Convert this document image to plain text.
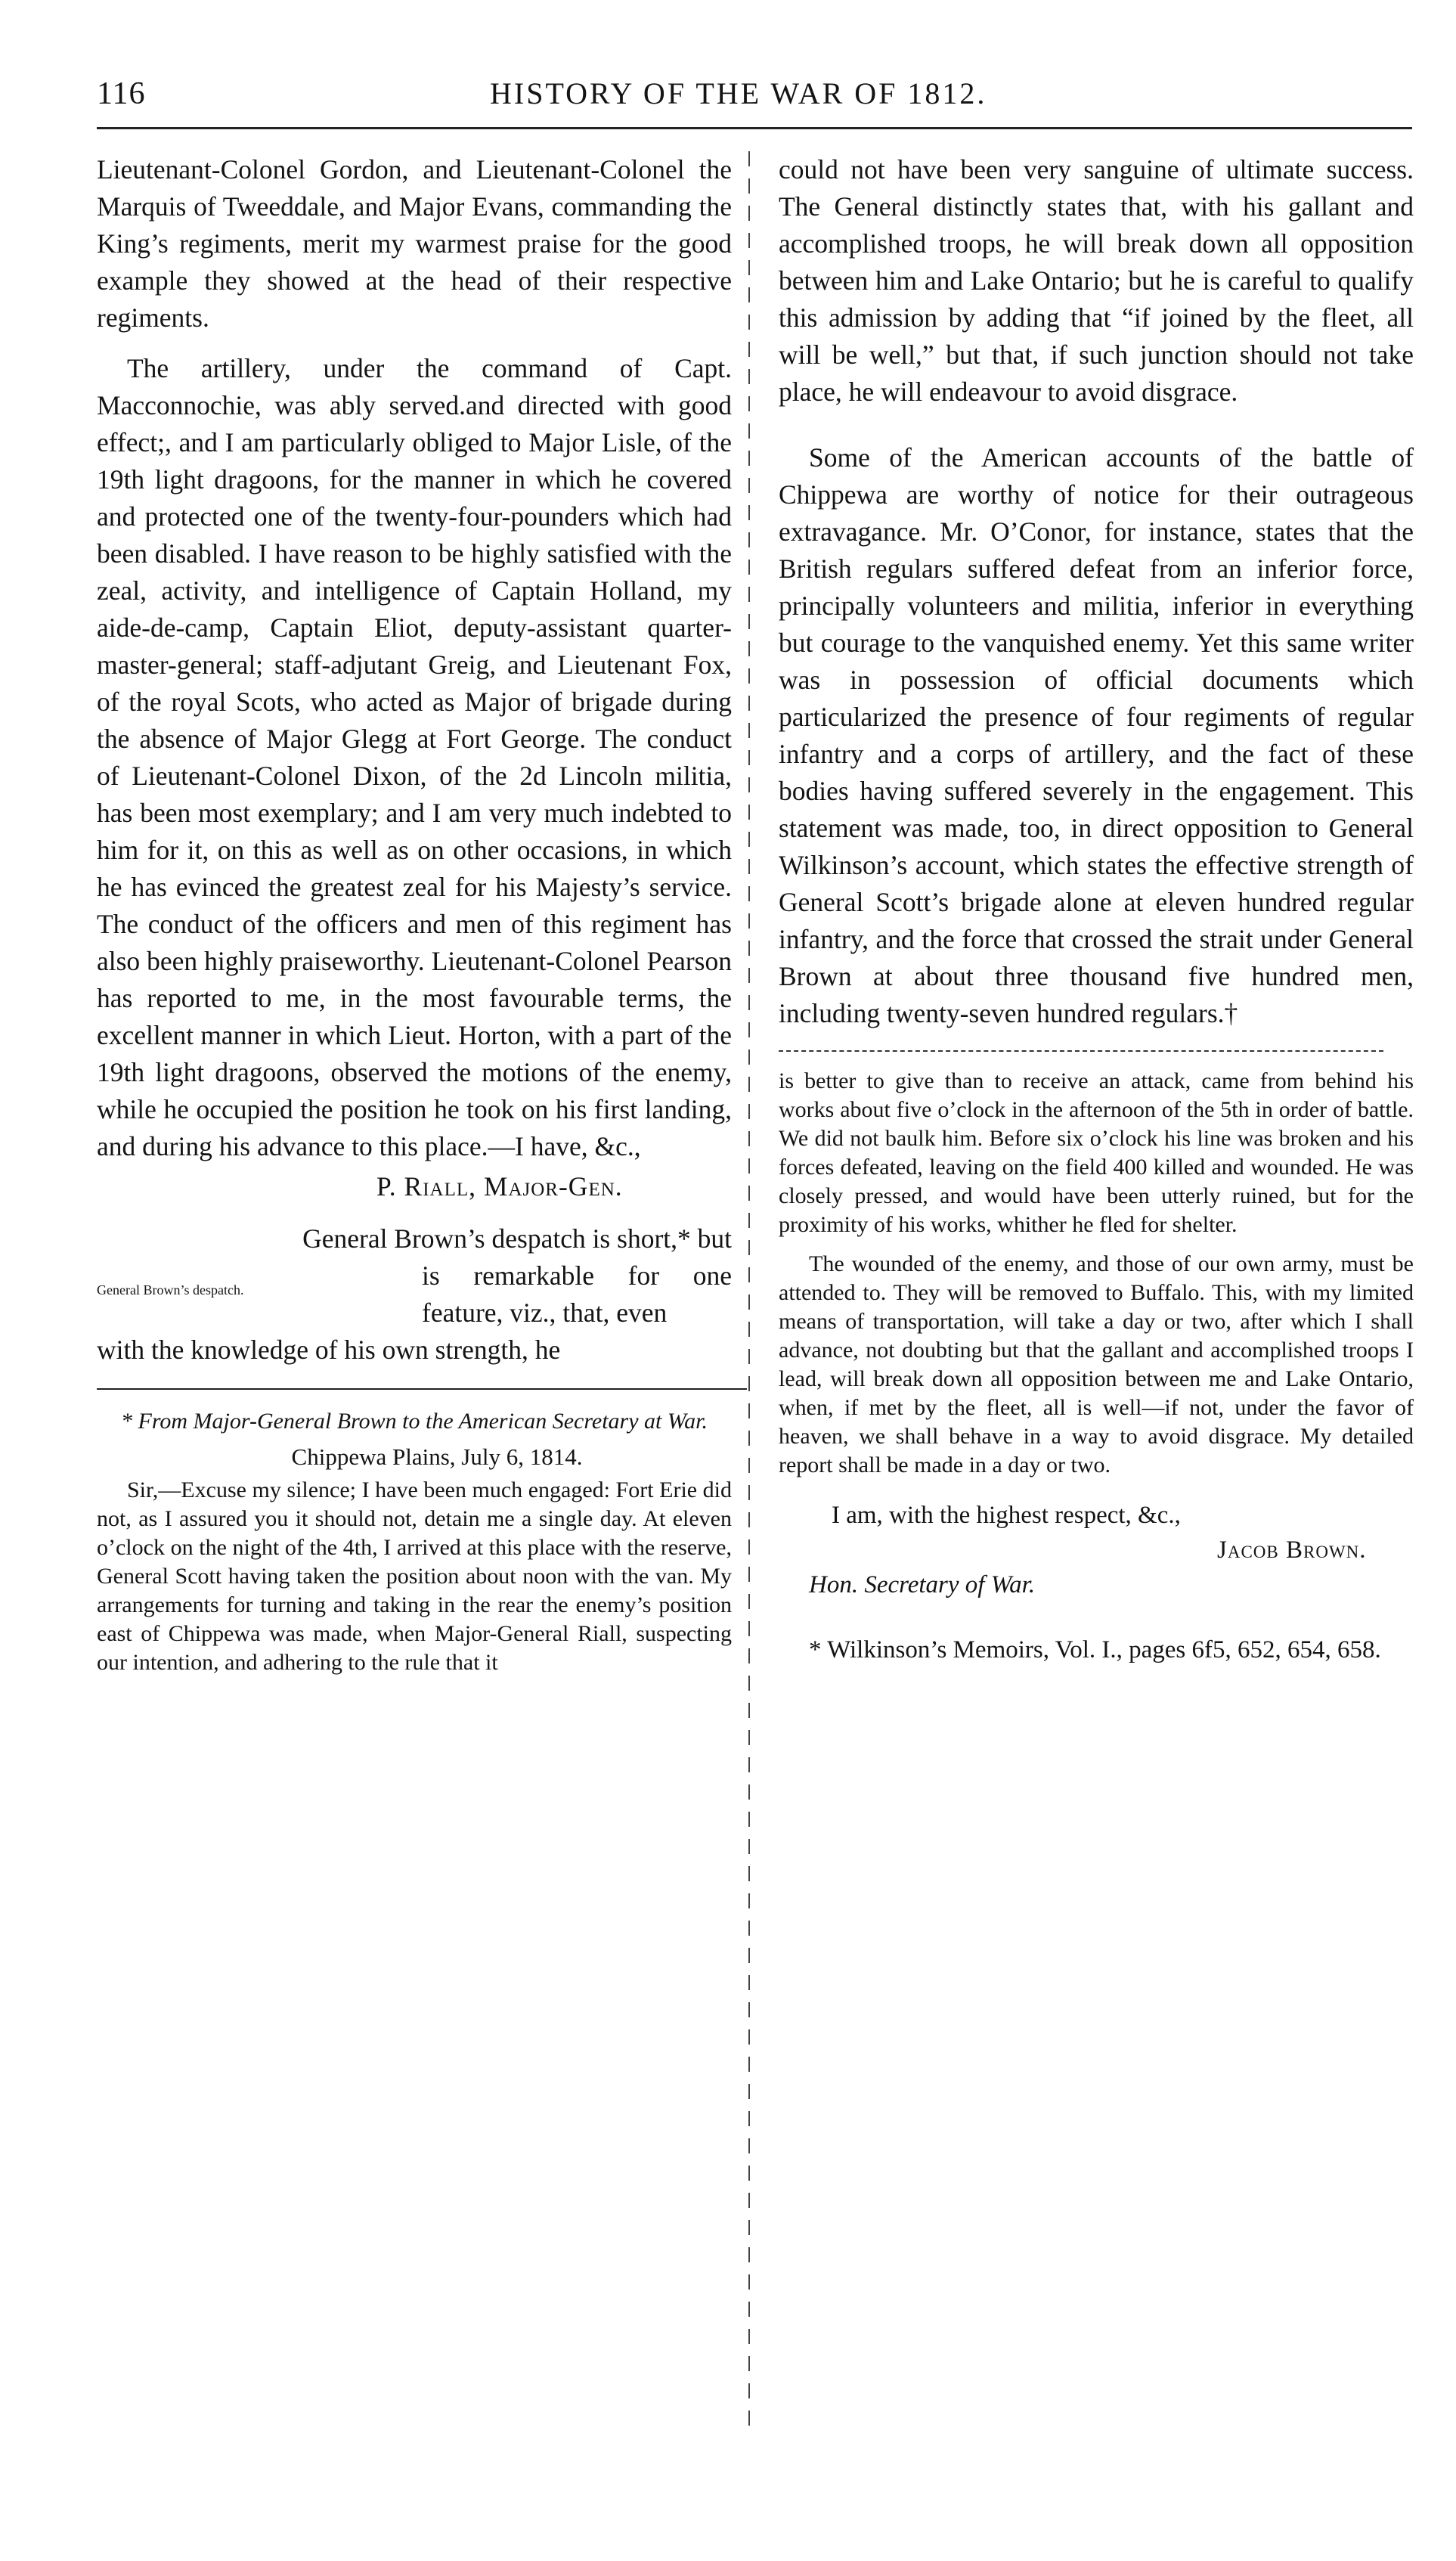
116	HISTORY OF THE WAR OF 1812.

Lieutenant-Colonel Gordon, and Lieutenant-Colonel the Marquis of Tweeddale, and Major Evans, commanding the King’s regiments, merit my warmest praise for the good example they showed at the head of their respective regiments.

The artillery, under the command of Capt. Macconnochie, was ably served.and directed with good effect;, and I am particularly obliged to Major Lisle, of the 19th light dragoons, for the manner in which he covered and protected one of the twenty-four-pounders which had been disabled. I have reason to be highly satisfied with the zeal, activity, and intelligence of Captain Holland, my aide-de-camp, Captain Eliot, deputy-assistant quarter-master-general; staff-adjutant Greig, and Lieutenant Fox, of the royal Scots, who acted as Major of brigade during the absence of Major Glegg at Fort George. The conduct of Lieutenant-Colonel Dixon, of the 2d Lincoln militia, has been most exemplary; and I am very much indebted to him for it, on this as well as on other occasions, in which he has evinced the greatest zeal for his Majesty’s service. The conduct of the officers and men of this regiment has also been highly praiseworthy. Lieutenant-Colonel Pearson has reported to me, in the most favourable terms, the excellent manner in which Lieut. Horton, with a part of the 19th light dragoons, observed the motions of the enemy, while he occupied the position he took on his first landing, and during his advance to this place.—I have, &c.,

P. Riall, Major-Gen.

General Brown’s despatch is short,* but

General Brown’s despatch.	is remarkable for one feature, viz., that, even

with the knowledge of his own strength, he

* From Major-General Brown to the American Secretary at War.

Chippewa Plains, July 6, 1814.

Sir,—Excuse my silence; I have been much engaged: Fort Erie did not, as I assured you it should not, detain me a single day. At eleven o’clock on the night of the 4th, I arrived at this place with the reserve, General Scott having taken the position about noon with the van. My arrangements for turning and taking in the rear the enemy’s position east of Chippewa was made, when Major-General Riall, suspecting our intention, and adhering to the rule that it

could not have been very sanguine of ultimate success. The General distinctly states that, with his gallant and accomplished troops, he will break down all opposition between him and Lake Ontario; but he is careful to qualify this admission by adding that “if joined by the fleet, all will be well,” but that, if such junction should not take place, he will endeavour to avoid disgrace.

Some of the American accounts of the battle of Chippewa are worthy of notice for their outrageous extravagance. Mr. O’Conor, for instance, states that the British regulars suffered defeat from an inferior force, principally volunteers and militia, inferior in everything but courage to the vanquished enemy. Yet this same writer was in possession of official documents which particularized the presence of four regiments of regular infantry and a corps of artillery, and the fact of these bodies having suffered severely in the engagement. This statement was made, too, in direct opposition to General Wilkinson’s account, which states the effective strength of General Scott’s brigade alone at eleven hundred regular infantry, and the force that crossed the strait under General Brown at about three thousand five hundred men, including twenty-seven hundred regulars.†

is better to give than to receive an attack, came from behind his works about five o’clock in the afternoon of the 5th in order of battle. We did not baulk him. Before six o’clock his line was broken and his forces defeated, leaving on the field 400 killed and wounded. He was closely pressed, and would have been utterly ruined, but for the proximity of his works, whither he fled for shelter.

The wounded of the enemy, and those of our own army, must be attended to. They will be removed to Buffalo. This, with my limited means of transportation, will take a day or two, after which I shall advance, not doubting but that the gallant and accomplished troops I lead, will break down all opposition between me and Lake Ontario, when, if met by the fleet, all is well—if not, under the favor of heaven, we shall behave in a way to avoid disgrace. My detailed report shall be made in a day or two.

I am, with the highest respect, &c.,

Jacob Brown.

Hon. Secretary of War.

* Wilkinson’s Memoirs, Vol. I., pages 6f5, 652, 654, 658.
